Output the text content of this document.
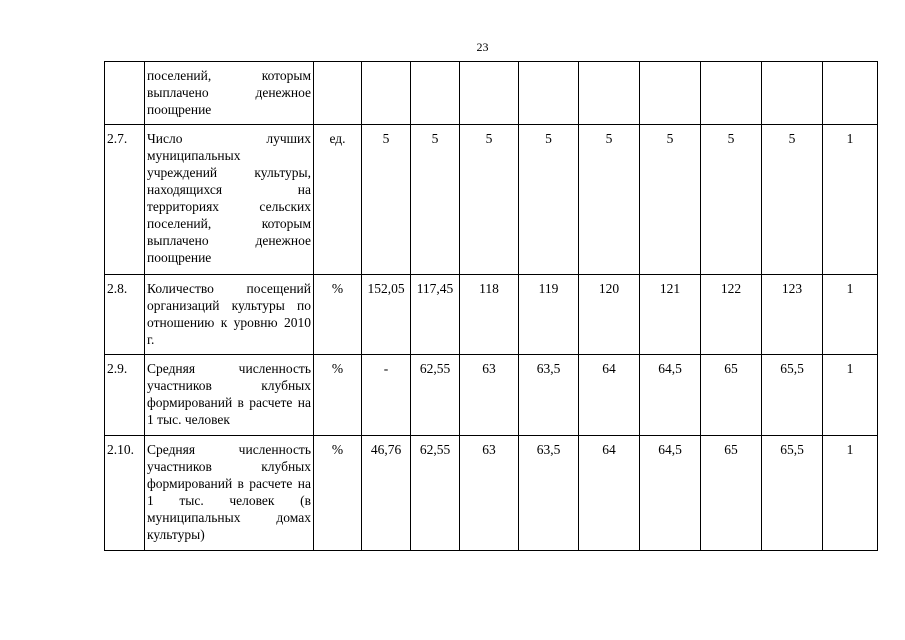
23
	поселений, которым выплачено денежное поощрение										
2.7.	Число лучших муниципальных учреждений культуры, находящихся на территориях сельских поселений, которым выплачено денежное поощрение	ед.	5	5	5	5	5	5	5	5	1
2.8.	Количество посещений организаций культуры по отношению к уровню 2010 г.	%	152,05	117,45	118	119	120	121	122	123	1
2.9.	Средняя численность участников клубных формирований в расчете на 1 тыс. человек	%	-	62,55	63	63,5	64	64,5	65	65,5	1
2.10.	Средняя численность участников клубных формирований в расчете на 1 тыс. человек (в муниципальных домах культуры)	%	46,76	62,55	63	63,5	64	64,5	65	65,5	1
